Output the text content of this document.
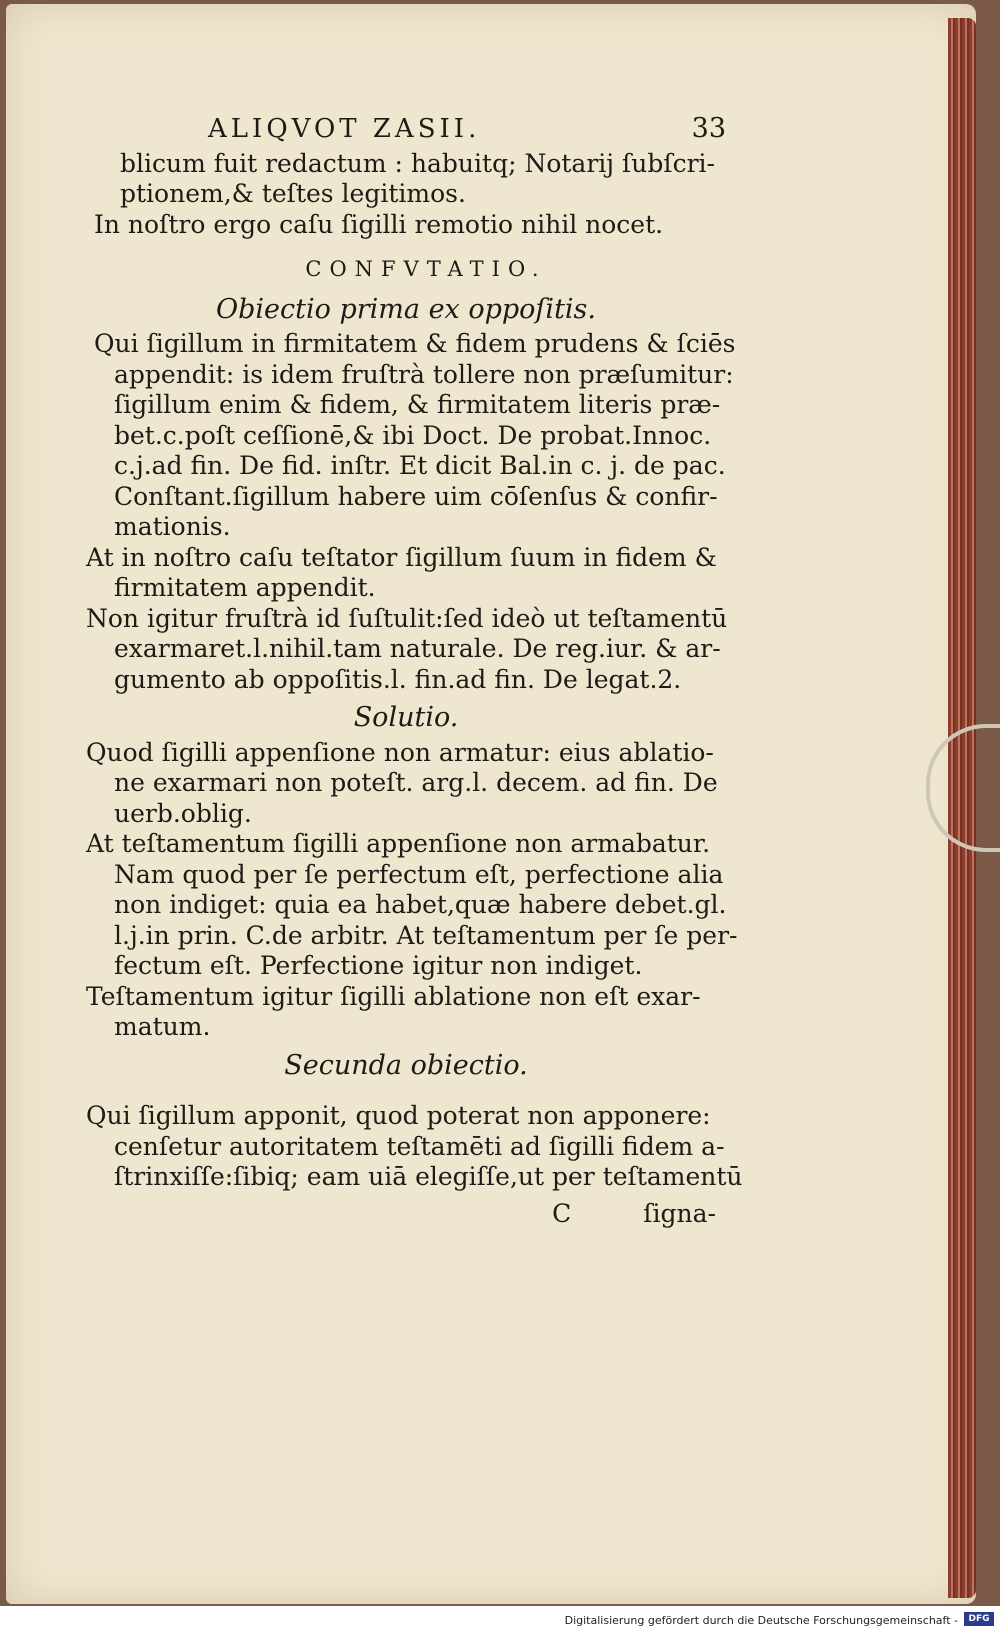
ALIQVOT ZASII.	33
blicum fuit redactum : habuitq; Notarij ſubſcri-
ptionem,& teſtes legitimos.
In noſtro ergo caſu ſigilli remotio nihil nocet.
CONFVTATIO.
Obiectio prima ex oppoſitis.
Qui ſigillum in firmitatem & fidem prudens & ſciēs
appendit: is idem fruſtrà tollere non præſumitur:
ſigillum enim & fidem, & firmitatem literis præ-
bet.c.poſt ceſſionē,& ibi Doct. De probat.Innoc.
c.j.ad fin. De fid. inſtr. Et dicit Bal.in c. j. de pac.
Conſtant.ſigillum habere uim cōſenſus & confir-
mationis.
At in noſtro caſu teſtator ſigillum ſuum in fidem &
firmitatem appendit.
Non igitur fruſtrà id ſuſtulit:ſed ideò ut teſtamentū
exarmaret.l.nihil.tam naturale. De reg.iur. & ar-
gumento ab oppoſitis.l. fin.ad fin. De legat.2.
Solutio.
Quod ſigilli appenſione non armatur: eius ablatio-
ne exarmari non poteſt. arg.l. decem. ad fin. De
uerb.oblig.
At teſtamentum ſigilli appenſione non armabatur.
Nam quod per ſe perfectum eſt, perfectione alia
non indiget: quia ea habet,quæ habere debet.gl.
l.j.in prin. C.de arbitr. At teſtamentum per ſe per-
fectum eſt. Perfectione igitur non indiget.
Teſtamentum igitur ſigilli ablatione non eſt exar-
matum.
Secunda obiectio.
Qui ſigillum apponit, quod poterat non apponere:
cenſetur autoritatem teſtamēti ad ſigilli fidem a-
ſtrinxiſſe:ſibiq; eam uiā elegiſſe,ut per teſtamentū
C	ſigna-
Digitalisierung gefördert durch die Deutsche Forschungsgemeinschaft -	DFG
